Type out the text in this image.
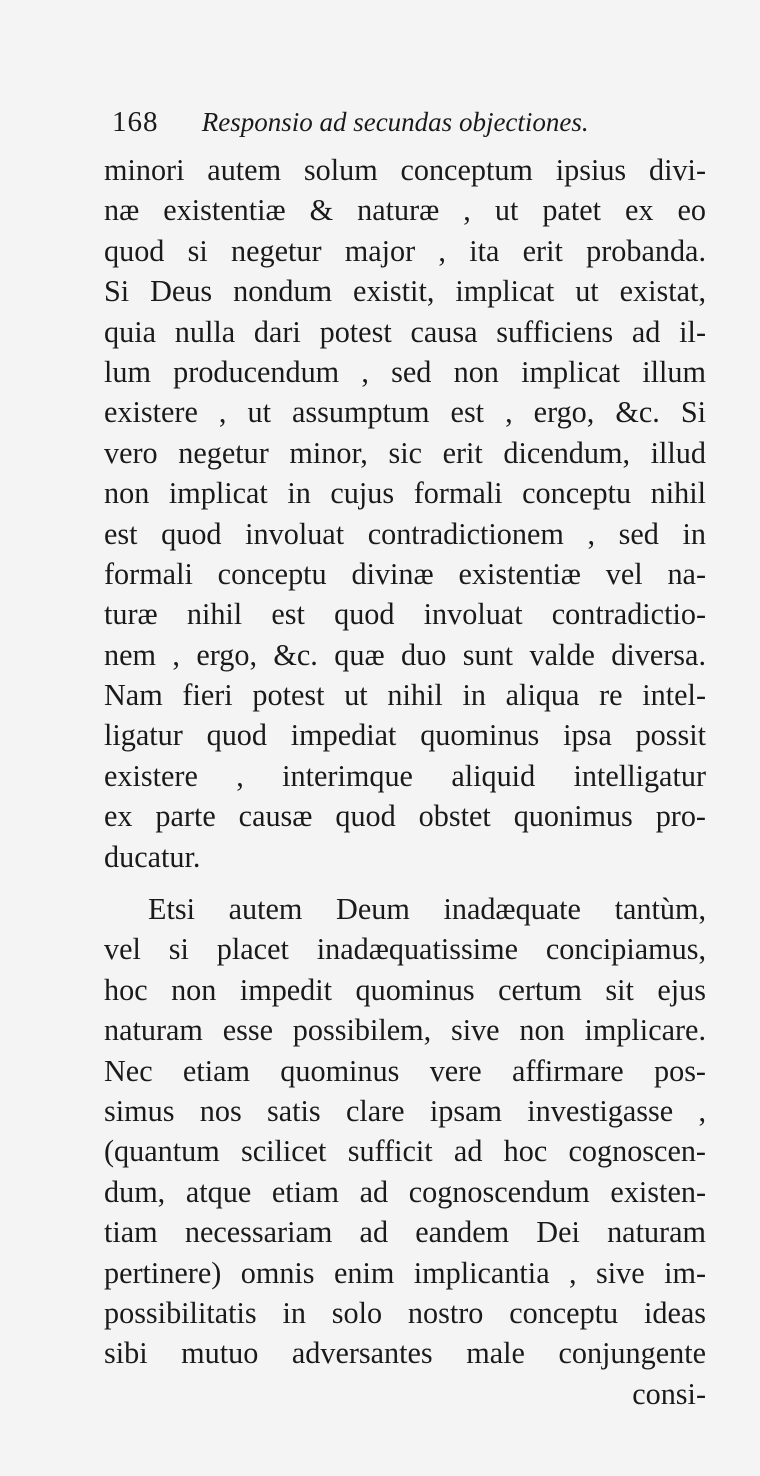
168 Responsio ad secundas objectiones.
minori autem solum conceptum ipsius divi-
næ existentiæ & naturæ , ut patet ex eo
quod si negetur major , ita erit probanda.
Si Deus nondum existit, implicat ut existat,
quia nulla dari potest causa sufficiens ad il-
lum producendum , sed non implicat illum
existere , ut assumptum est , ergo, &c. Si
vero negetur minor, sic erit dicendum, illud
non implicat in cujus formali conceptu nihil
est quod involuat contradictionem , sed in
formali conceptu divinæ existentiæ vel na-
turæ nihil est quod involuat contradictio-
nem , ergo, &c. quæ duo sunt valde diversa.
Nam fieri potest ut nihil in aliqua re intel-
ligatur quod impediat quominus ipsa possit
existere , interimque aliquid intelligatur
ex parte causæ quod obstet quonimus pro-
ducatur.
Etsi autem Deum inadæquate tantùm,
vel si placet inadæquatissime concipiamus,
hoc non impedit quominus certum sit ejus
naturam esse possibilem, sive non implicare.
Nec etiam quominus vere affirmare pos-
simus nos satis clare ipsam investigasse ,
(quantum scilicet sufficit ad hoc cognoscen-
dum, atque etiam ad cognoscendum existen-
tiam necessariam ad eandem Dei naturam
pertinere) omnis enim implicantia , sive im-
possibilitatis in solo nostro conceptu ideas
sibi mutuo adversantes male conjungente
consi-
